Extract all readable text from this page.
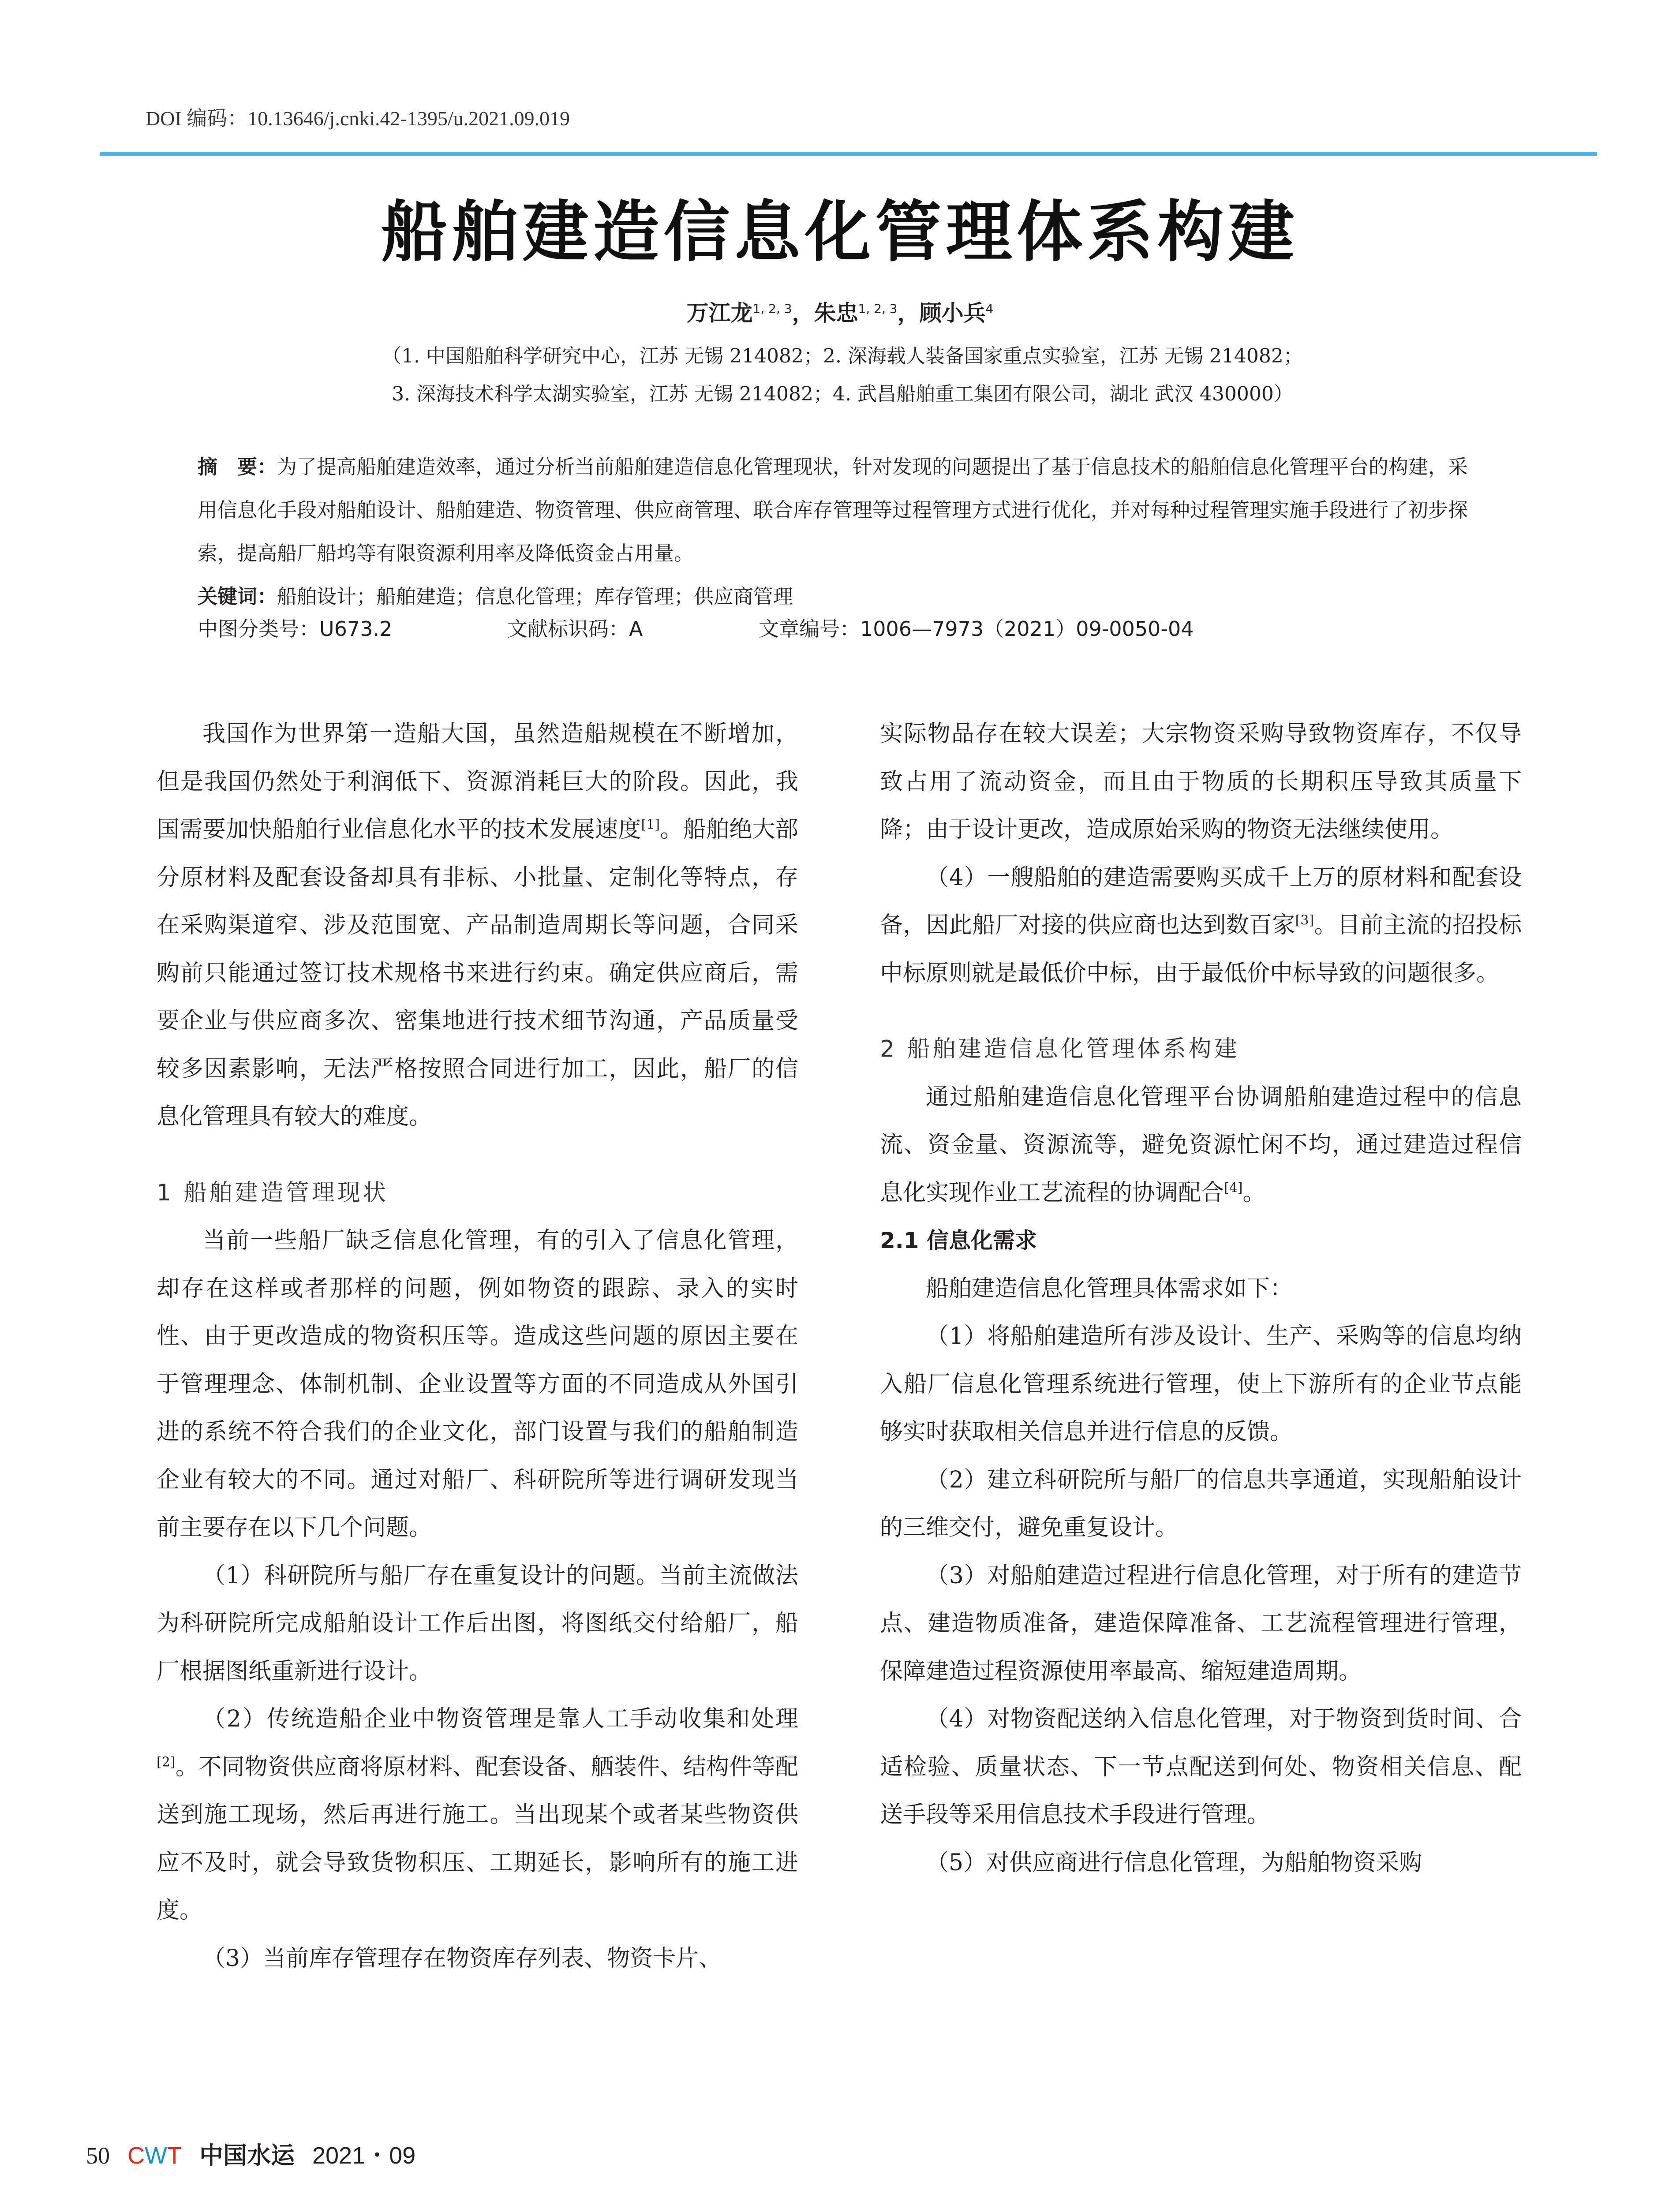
DOI 编码：10.13646/j.cnki.42-1395/u.2021.09.019
船舶建造信息化管理体系构建
万江龙$^{1, 2, 3}$，朱忠$^{1, 2, 3}$，顾小兵$^4$
（1. 中国船舶科学研究中心，江苏 无锡 214082；2. 深海载人装备国家重点实验室，江苏 无锡 214082；
3. 深海技术科学太湖实验室，江苏 无锡 214082；4. 武昌船舶重工集团有限公司，湖北 武汉 430000）
摘　要：为了提高船舶建造效率，通过分析当前船舶建造信息化管理现状，针对发现的问题提出了基于信息技术的船舶信息化管理平台的构建，采用信息化手段对船舶设计、船舶建造、物资管理、供应商管理、联合库存管理等过程管理方式进行优化，并对每种过程管理实施手段进行了初步探索，提高船厂船坞等有限资源利用率及降低资金占用量。
关键词：船舶设计；船舶建造；信息化管理；库存管理；供应商管理
中图分类号：U673.2	文献标识码：A	文章编号：1006—7973（2021）09-0050-04

我国作为世界第一造船大国，虽然造船规模在不断增加，但是我国仍然处于利润低下、资源消耗巨大的阶段。因此，我国需要加快船舶行业信息化水平的技术发展速度[1]。船舶绝大部分原材料及配套设备却具有非标、小批量、定制化等特点，存在采购渠道窄、涉及范围宽、产品制造周期长等问题，合同采购前只能通过签订技术规格书来进行约束。确定供应商后，需要企业与供应商多次、密集地进行技术细节沟通，产品质量受较多因素影响，无法严格按照合同进行加工，因此，船厂的信息化管理具有较大的难度。

1 船舶建造管理现状

当前一些船厂缺乏信息化管理，有的引入了信息化管理，却存在这样或者那样的问题，例如物资的跟踪、录入的实时性、由于更改造成的物资积压等。造成这些问题的原因主要在于管理理念、体制机制、企业设置等方面的不同造成从外国引进的系统不符合我们的企业文化，部门设置与我们的船舶制造企业有较大的不同。通过对船厂、科研院所等进行调研发现当前主要存在以下几个问题。

（1）科研院所与船厂存在重复设计的问题。当前主流做法为科研院所完成船舶设计工作后出图，将图纸交付给船厂，船厂根据图纸重新进行设计。

（2）传统造船企业中物资管理是靠人工手动收集和处理[2]。不同物资供应商将原材料、配套设备、舾装件、结构件等配送到施工现场，然后再进行施工。当出现某个或者某些物资供应不及时，就会导致货物积压、工期延长，影响所有的施工进度。

（3）当前库存管理存在物资库存列表、物资卡片、

实际物品存在较大误差；大宗物资采购导致物资库存，不仅导致占用了流动资金，而且由于物质的长期积压导致其质量下降；由于设计更改，造成原始采购的物资无法继续使用。

（4）一艘船舶的建造需要购买成千上万的原材料和配套设备，因此船厂对接的供应商也达到数百家[3]。目前主流的招投标中标原则就是最低价中标，由于最低价中标导致的问题很多。

2 船舶建造信息化管理体系构建

通过船舶建造信息化管理平台协调船舶建造过程中的信息流、资金量、资源流等，避免资源忙闲不均，通过建造过程信息化实现作业工艺流程的协调配合[4]。

2.1 信息化需求

船舶建造信息化管理具体需求如下：

（1）将船舶建造所有涉及设计、生产、采购等的信息均纳入船厂信息化管理系统进行管理，使上下游所有的企业节点能够实时获取相关信息并进行信息的反馈。

（2）建立科研院所与船厂的信息共享通道，实现船舶设计的三维交付，避免重复设计。

（3）对船舶建造过程进行信息化管理，对于所有的建造节点、建造物质准备，建造保障准备、工艺流程管理进行管理，保障建造过程资源使用率最高、缩短建造周期。

（4）对物资配送纳入信息化管理，对于物资到货时间、合适检验、质量状态、下一节点配送到何处、物资相关信息、配送手段等采用信息技术手段进行管理。

（5）对供应商进行信息化管理，为船舶物资采购

50 CWT 中国水运 2021・09
